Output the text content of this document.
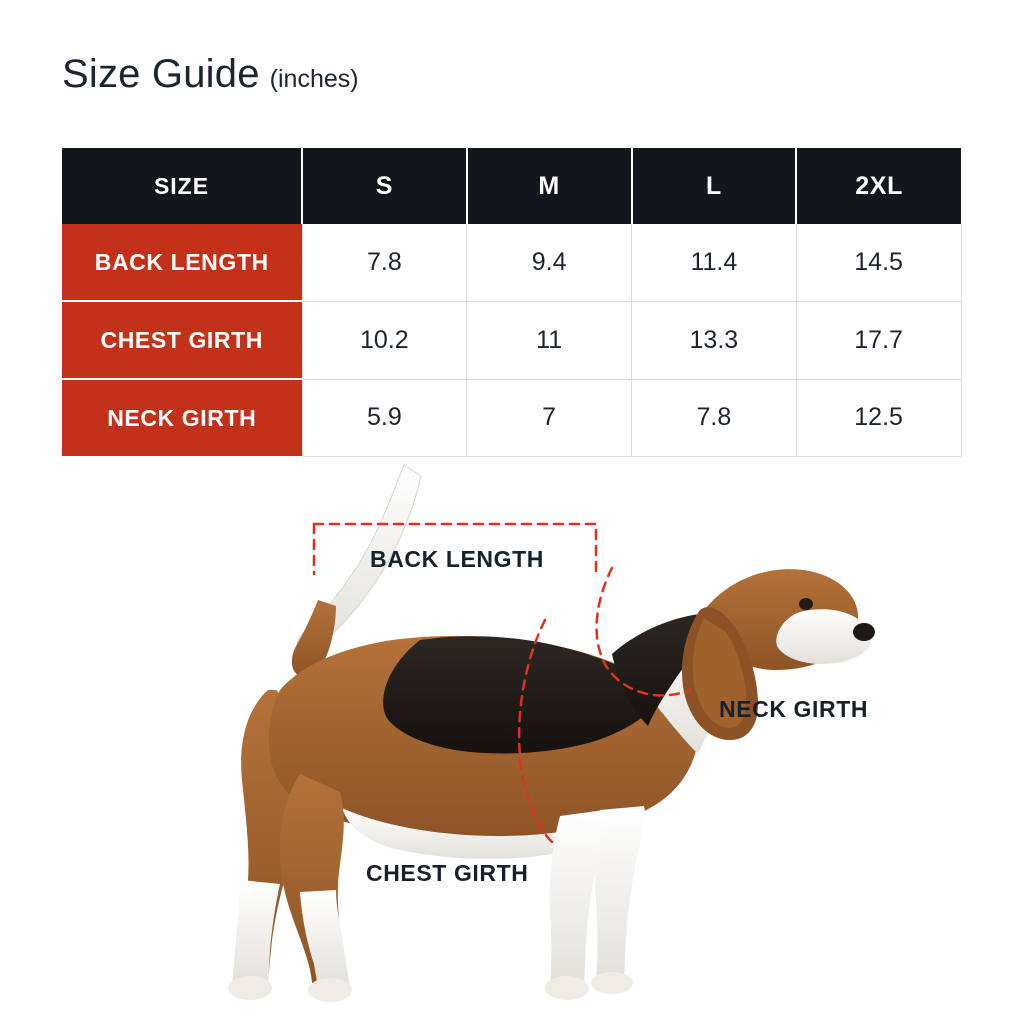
Size Guide (inches)
SIZE	S	M	L	2XL
BACK LENGTH	7.8	9.4	11.4	14.5
CHEST GIRTH	10.2	11	13.3	17.7
NECK GIRTH	5.9	7	7.8	12.5
BACK LENGTH
NECK GIRTH
CHEST GIRTH
